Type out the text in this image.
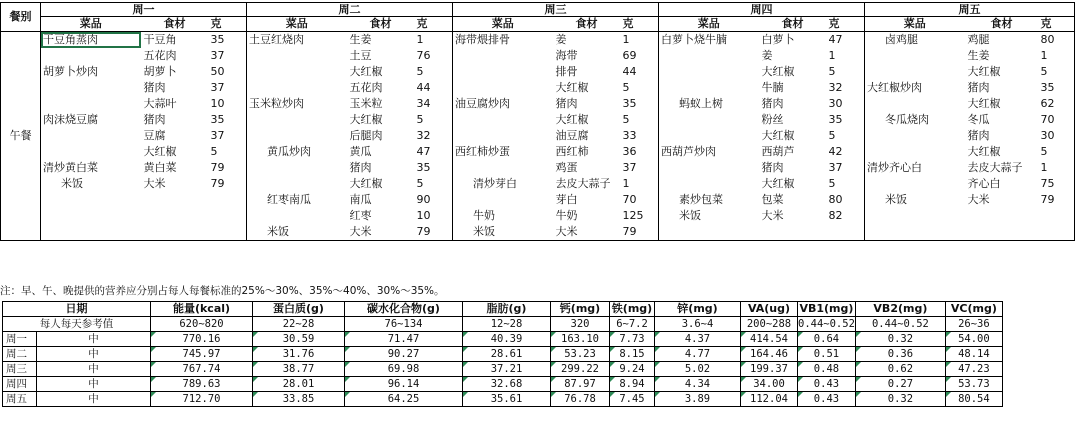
餐别	周一			周二			周三			周四			周五		
	菜品	食材	克	菜品	食材	克	菜品	食材	克	菜品	食材	克	菜品	食材	克
午餐	干豆角蒸肉	干豆角	35	土豆红烧肉	生姜	1	海带煨排骨	姜	1	白萝卜烧牛腩	白萝卜	47	卤鸡腿	鸡腿	80
		五花肉	37		土豆	76		海带	69		姜	1		生姜	1
	胡萝卜炒肉	胡萝卜	50		大红椒	5		排骨	44		大红椒	5		大红椒	5
		猪肉	37		五花肉	44		大红椒	5		牛腩	32	大红椒炒肉	猪肉	35
		大蒜叶	10	玉米粒炒肉	玉米粒	34	油豆腐炒肉	猪肉	35	蚂蚁上树	猪肉	30		大红椒	62
	肉沫烧豆腐	猪肉	35		大红椒	5		大红椒	5		粉丝	35	冬瓜烧肉	冬瓜	70
		豆腐	37		后腿肉	32		油豆腐	33		大红椒	5		猪肉	30
		大红椒	5	黄瓜炒肉	黄瓜	47	西红柿炒蛋	西红柿	36	西葫芦炒肉	西葫芦	42		大红椒	5
	清炒黄白菜	黄白菜	79		猪肉	35		鸡蛋	37		猪肉	37	清炒齐心白	去皮大蒜子	1
	米饭	大米	79		大红椒	5	清炒芽白	去皮大蒜子	1		大红椒	5		齐心白	75
				红枣南瓜	南瓜	90		芽白	70	素炒包菜	包菜	80	米饭	大米	79
					红枣	10	牛奶	牛奶	125	米饭	大米	82			
				米饭	大米	79	米饭	大米	79						
注：早、午、晚提供的营养应分别占每人每餐标准的25%～30%、35%～40%、30%～35%。
日期		能量(kcal)	蛋白质(g)	碳水化合物(g)	脂肪(g)	钙(mg)	铁(mg)	锌(mg)	VA(ug)	VB1(mg)	VB2(mg)	VC(mg)
每人每天参考值		620~820	22~28	76~134	12~28	320	6~7.2	3.6~4	200~288	0.44~0.52	0.44~0.52	26~36
周一	中	770.16	30.59	71.47	40.39	163.10	7.73	4.37	414.54	0.64	0.32	54.00
周二	中	745.97	31.76	90.27	28.61	53.23	8.15	4.77	164.46	0.51	0.36	48.14
周三	中	767.74	38.77	69.98	37.21	299.22	9.24	5.02	199.37	0.48	0.62	47.23
周四	中	789.63	28.01	96.14	32.68	87.97	8.94	4.34	34.00	0.43	0.27	53.73
周五	中	712.70	33.85	64.25	35.61	76.78	7.45	3.89	112.04	0.43	0.32	80.54
